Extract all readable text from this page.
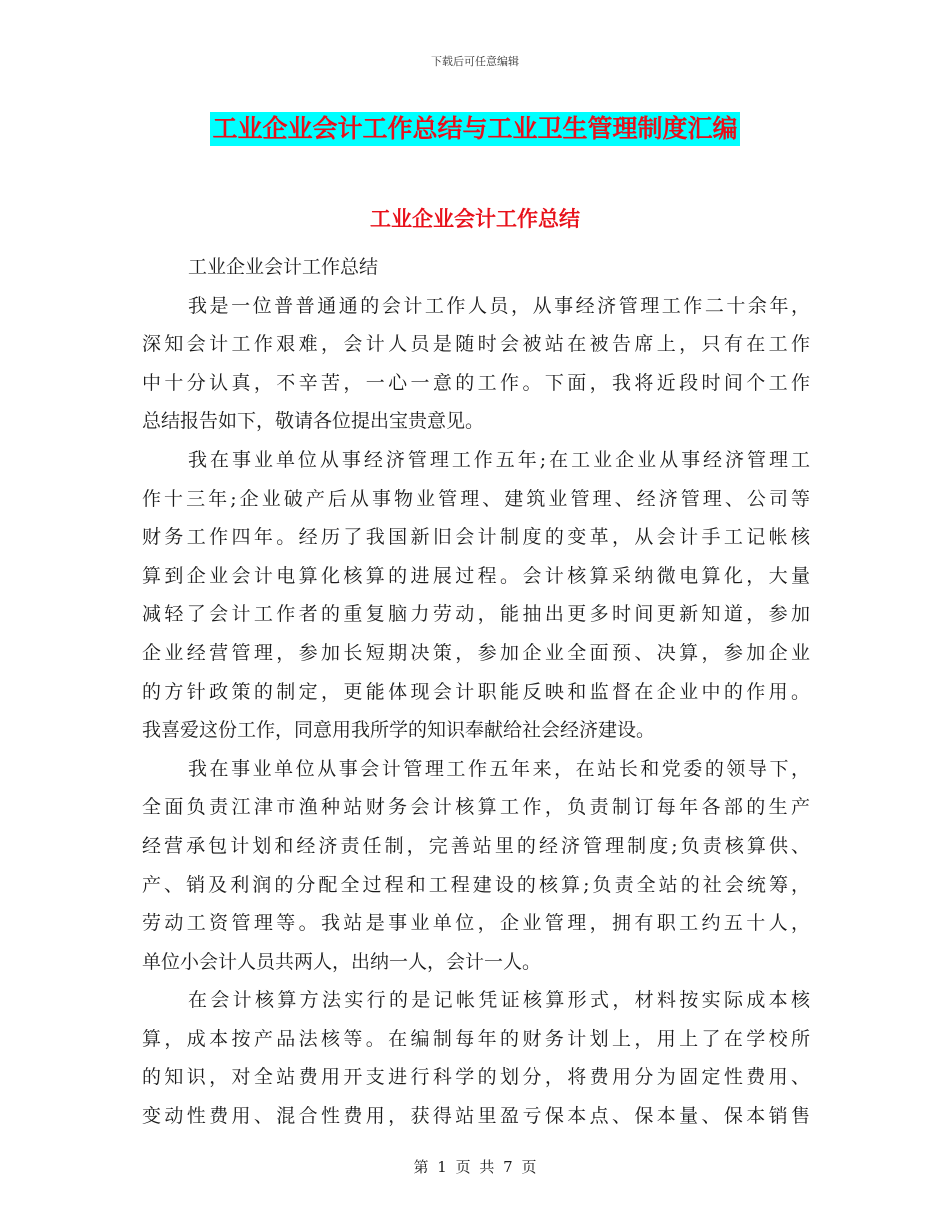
下载后可任意编辑
工业企业会计工作总结与工业卫生管理制度汇编
工业企业会计工作总结
工业企业会计工作总结
我是一位普普通通的会计工作人员，从事经济管理工作二十余年，
深知会计工作艰难，会计人员是随时会被站在被告席上，只有在工作
中十分认真，不辛苦，一心一意的工作。下面，我将近段时间个工作
总结报告如下，敬请各位提出宝贵意见。
我在事业单位从事经济管理工作五年;在工业企业从事经济管理工
作十三年;企业破产后从事物业管理、建筑业管理、经济管理、公司等
财务工作四年。经历了我国新旧会计制度的变革，从会计手工记帐核
算到企业会计电算化核算的进展过程。会计核算采纳微电算化，大量
减轻了会计工作者的重复脑力劳动，能抽出更多时间更新知道，参加
企业经营管理，参加长短期决策，参加企业全面预、决算，参加企业
的方针政策的制定，更能体现会计职能反映和监督在企业中的作用。
我喜爱这份工作，同意用我所学的知识奉献给社会经济建设。
我在事业单位从事会计管理工作五年来，在站长和党委的领导下，
全面负责江津市渔种站财务会计核算工作，负责制订每年各部的生产
经营承包计划和经济责任制，完善站里的经济管理制度;负责核算供、
产、销及利润的分配全过程和工程建设的核算;负责全站的社会统筹，
劳动工资管理等。我站是事业单位，企业管理，拥有职工约五十人，
单位小会计人员共两人，出纳一人，会计一人。
在会计核算方法实行的是记帐凭证核算形式，材料按实际成本核
算，成本按产品法核等。在编制每年的财务计划上，用上了在学校所
的知识，对全站费用开支进行科学的划分，将费用分为固定性费用、
变动性费用、混合性费用，获得站里盈亏保本点、保本量、保本销售
第 1 页 共 7 页
